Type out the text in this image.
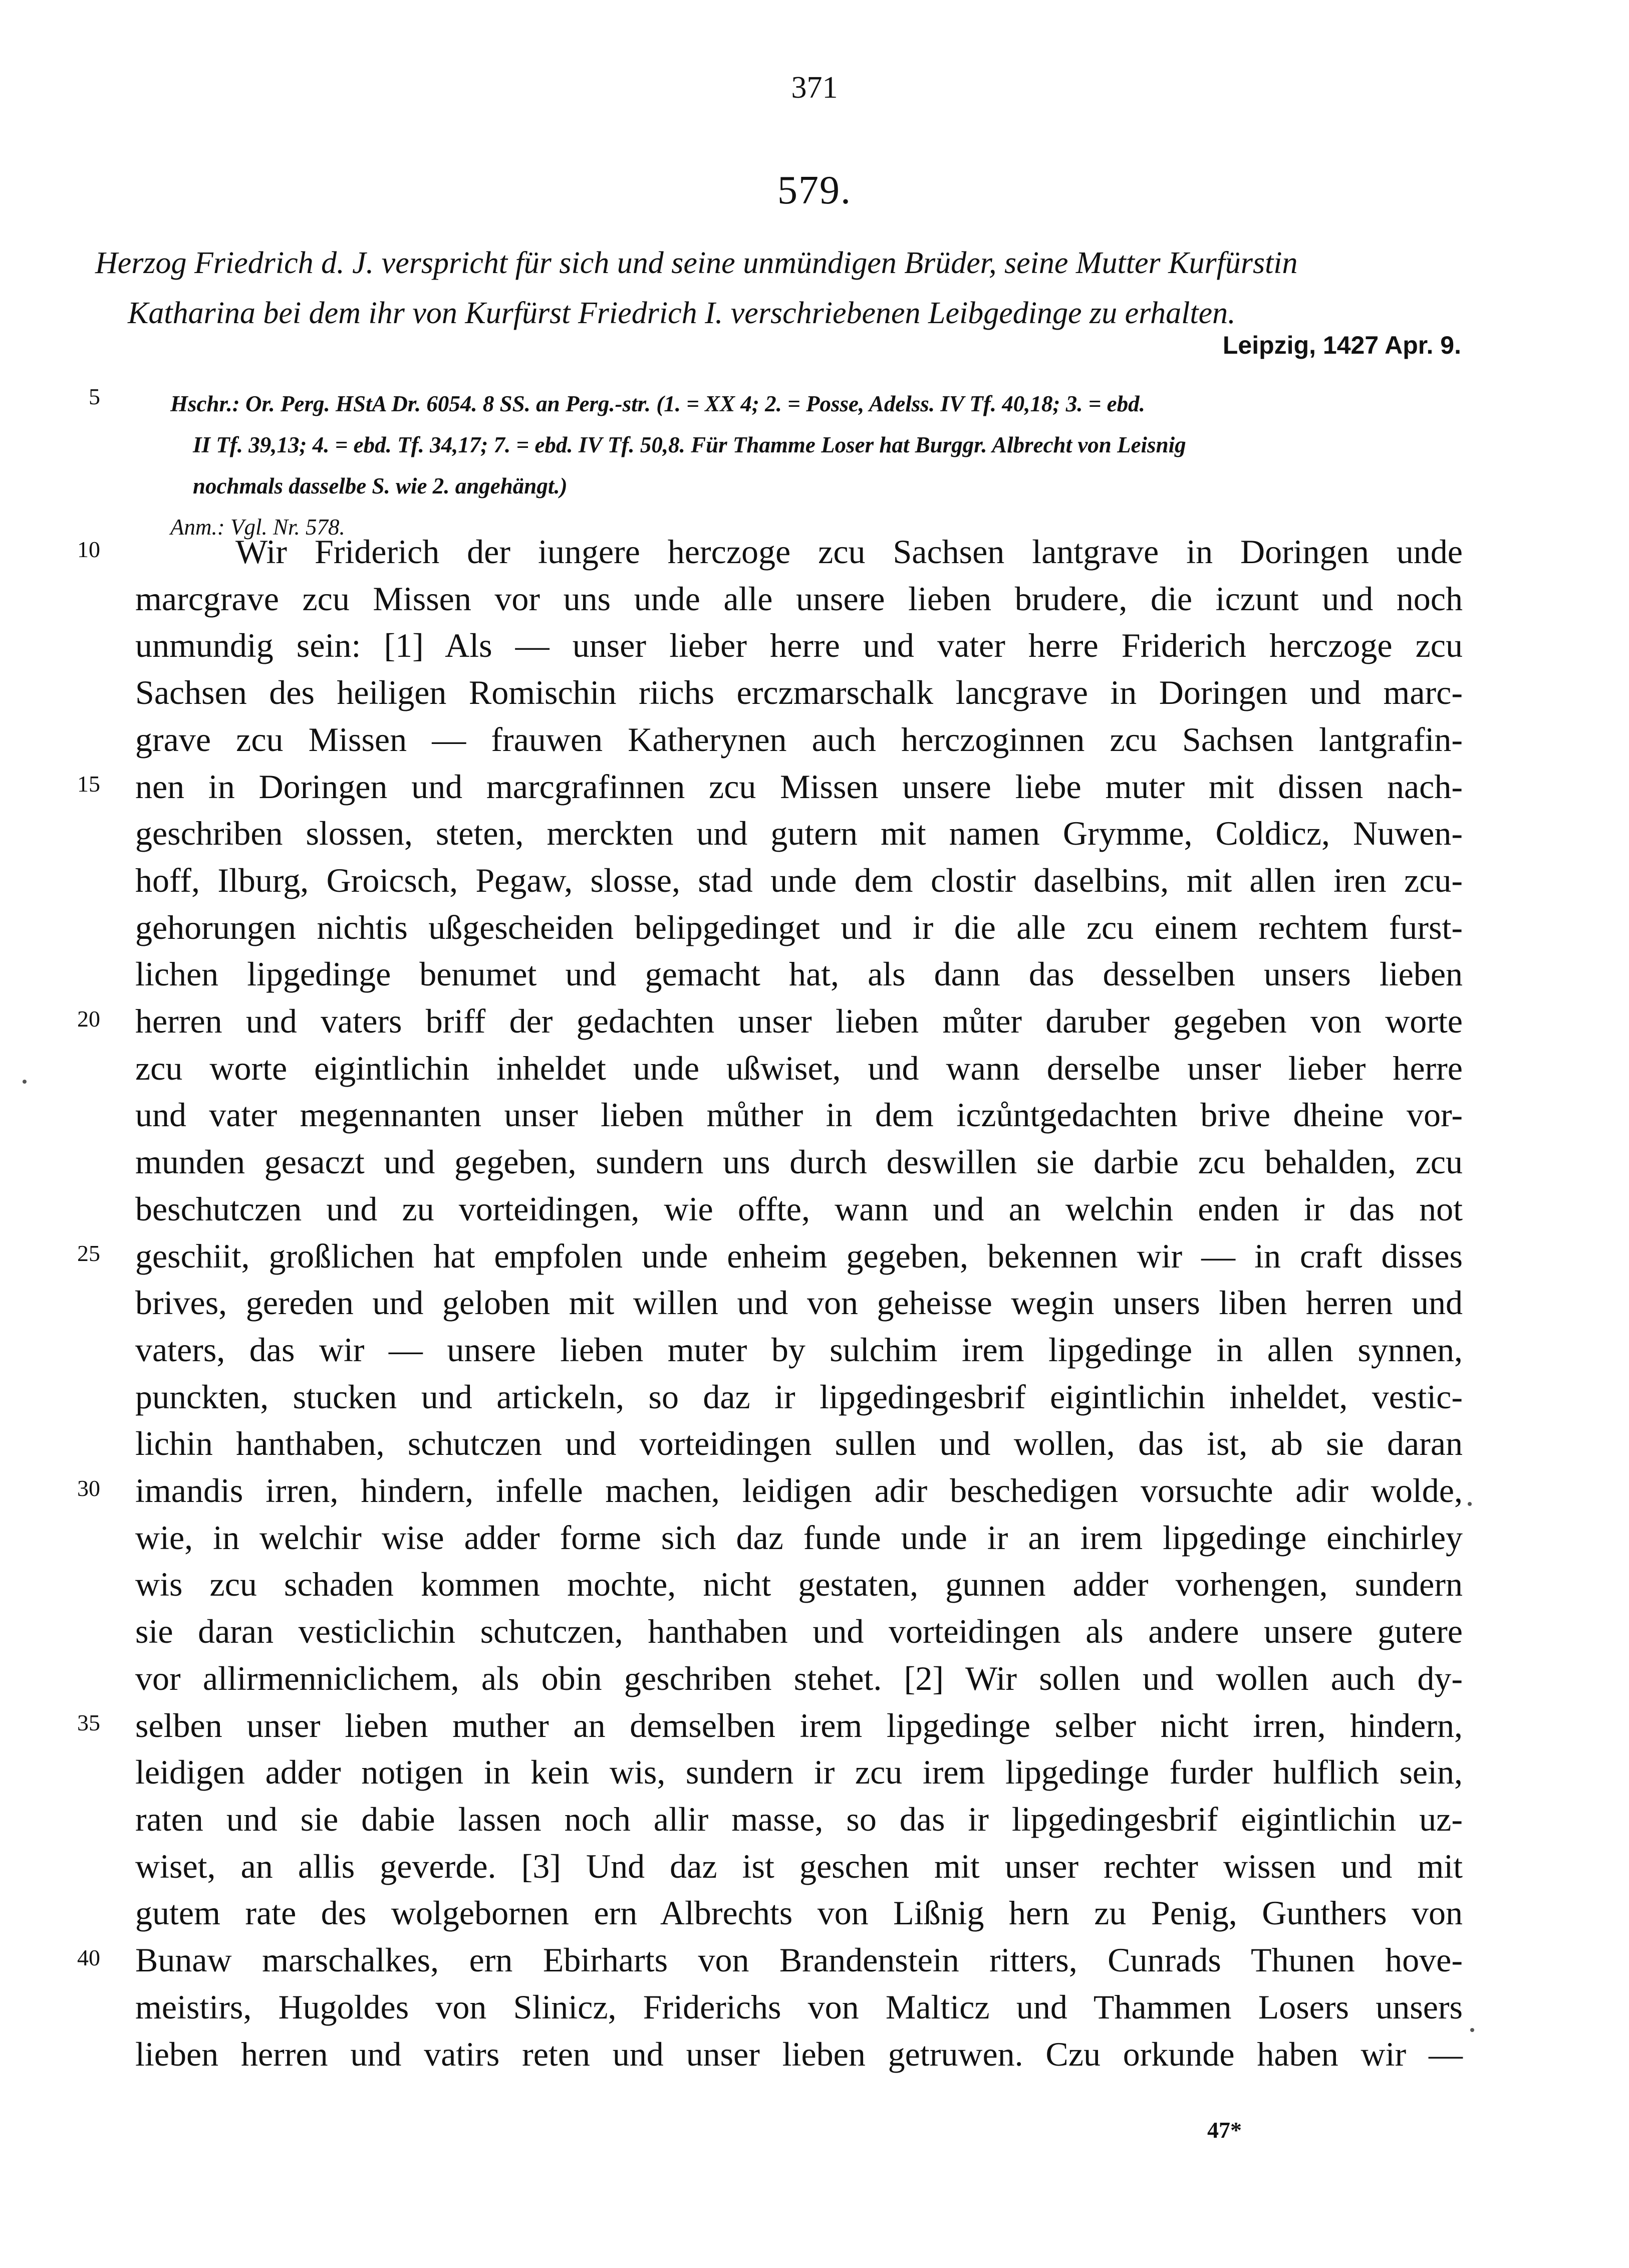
371
579.
Herzog Friedrich d. J. verspricht für sich und seine unmündigen Brüder, seine Mutter Kurfürstin
Katharina bei dem ihr von Kurfürst Friedrich I. verschriebenen Leibgedinge zu erhalten.
Leipzig, 1427 Apr. 9.
5	Hschr.: Or. Perg. HStA Dr. 6054. 8 SS. an Perg.-str. (1. = XX 4; 2. = Posse, Adelss. IV Tf. 40,18; 3. = ebd.
II Tf. 39,13; 4. = ebd. Tf. 34,17; 7. = ebd. IV Tf. 50,8. Für Thamme Loser hat Burggr. Albrecht von Leisnig
nochmals dasselbe S. wie 2. angehängt.)
Anm.: Vgl. Nr. 578.
10
15
20
25
30
35
40
Wir Friderich der iungere herczoge zcu Sachsen lantgrave in Doringen unde
marcgrave zcu Missen vor uns unde alle unsere lieben brudere, die iczunt und noch
unmundig sein: [1] Als — unser lieber herre und vater herre Friderich herczoge zcu
Sachsen des heiligen Romischin riichs erczmarschalk lancgrave in Doringen und marc-
grave zcu Missen — frauwen Katherynen auch herczoginnen zcu Sachsen lantgrafin-
nen in Doringen und marcgrafinnen zcu Missen unsere liebe muter mit dissen nach-
geschriben slossen, steten, merckten und gutern mit namen Grymme, Coldicz, Nuwen-
hoff, Ilburg, Groicsch, Pegaw, slosse, stad unde dem clostir daselbins, mit allen iren zcu-
gehorungen nichtis ußgescheiden belipgedinget und ir die alle zcu einem rechtem furst-
lichen lipgedinge benumet und gemacht hat, als dann das desselben unsers lieben
herren und vaters briff der gedachten unser lieben můter daruber gegeben von worte
zcu worte eigintlichin inheldet unde ußwiset, und wann derselbe unser lieber herre
und vater megennanten unser lieben můther in dem iczůntgedachten brive dheine vor-
munden gesaczt und gegeben, sundern uns durch deswillen sie darbie zcu behalden, zcu
beschutczen und zu vorteidingen, wie offte, wann und an welchin enden ir das not
geschiit, großlichen hat empfolen unde enheim gegeben, bekennen wir — in craft disses
brives, gereden und geloben mit willen und von geheisse wegin unsers liben herren und
vaters, das wir — unsere lieben muter by sulchim irem lipgedinge in allen synnen,
punckten, stucken und artickeln, so daz ir lipgedingesbrif eigintlichin inheldet, vestic-
lichin hanthaben, schutczen und vorteidingen sullen und wollen, das ist, ab sie daran
imandis irren, hindern, infelle machen, leidigen adir beschedigen vorsuchte adir wolde,
wie, in welchir wise adder forme sich daz funde unde ir an irem lipgedinge einchirley
wis zcu schaden kommen mochte, nicht gestaten, gunnen adder vorhengen, sundern
sie daran vesticlichin schutczen, hanthaben und vorteidingen als andere unsere gutere
vor allirmenniclichem, als obin geschriben stehet. [2] Wir sollen und wollen auch dy-
selben unser lieben muther an demselben irem lipgedinge selber nicht irren, hindern,
leidigen adder notigen in kein wis, sundern ir zcu irem lipgedinge furder hulflich sein,
raten und sie dabie lassen noch allir masse, so das ir lipgedingesbrif eigintlichin uz-
wiset, an allis geverde. [3] Und daz ist geschen mit unser rechter wissen und mit
gutem rate des wolgebornen ern Albrechts von Lißnig hern zu Penig, Gunthers von
Bunaw marschalkes, ern Ebirharts von Brandenstein ritters, Cunrads Thunen hove-
meistirs, Hugoldes von Slinicz, Friderichs von Malticz und Thammen Losers unsers
lieben herren und vatirs reten und unser lieben getruwen. Czu orkunde haben wir —
47*
